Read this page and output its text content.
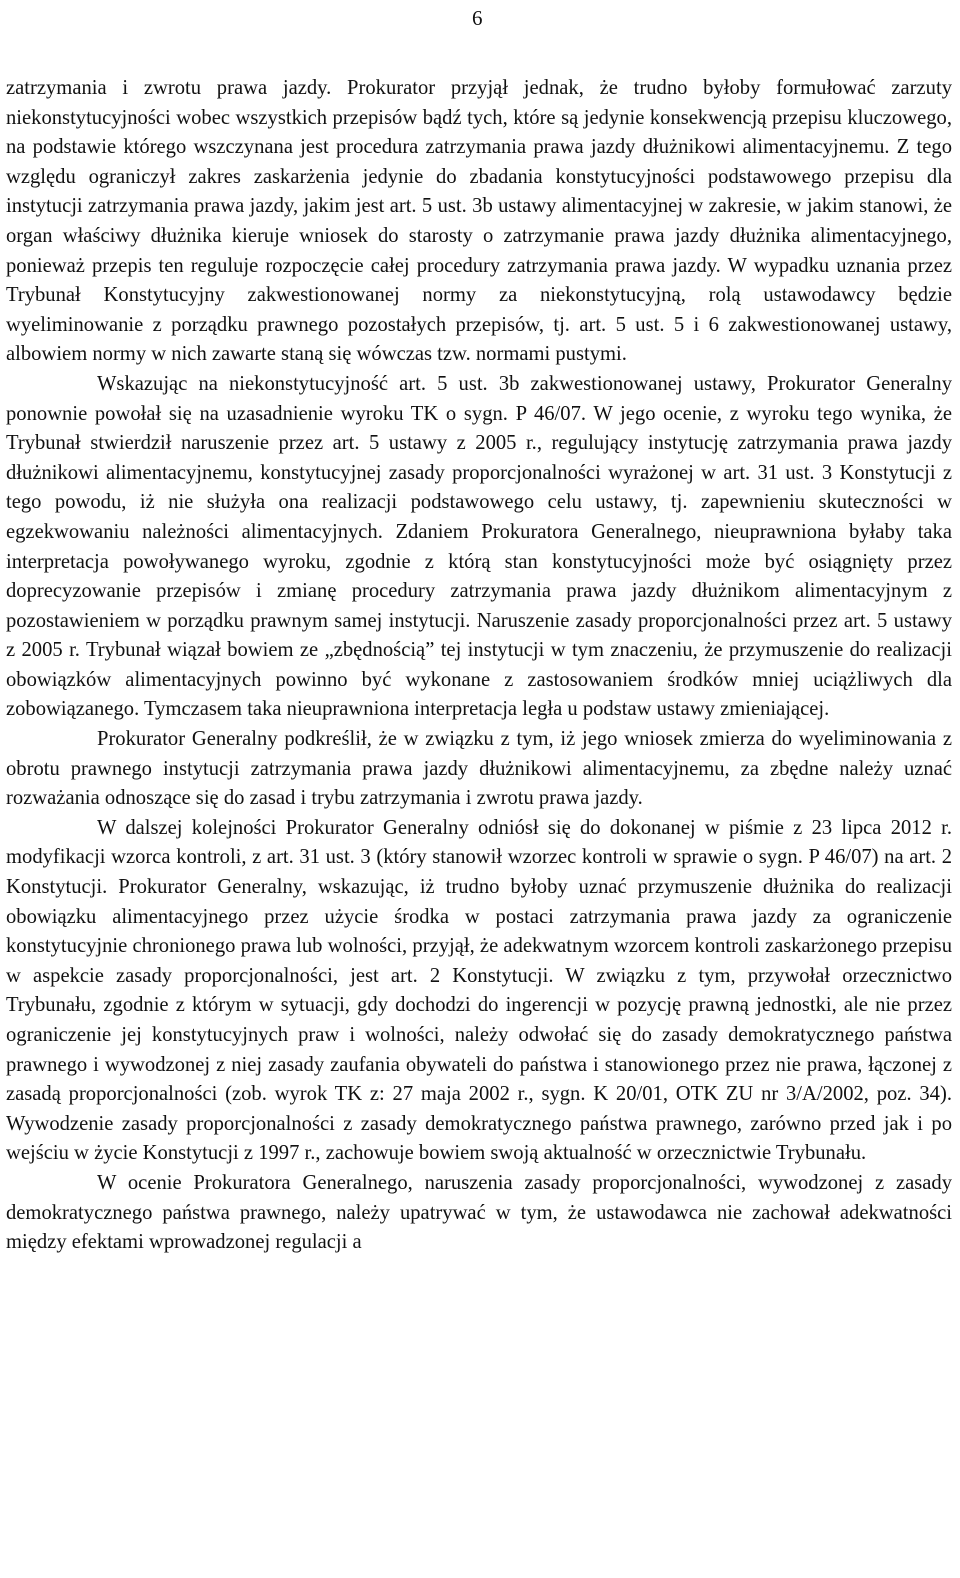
6

zatrzymania i zwrotu prawa jazdy. Prokurator przyjął jednak, że trudno byłoby formułować zarzuty niekonstytucyjności wobec wszystkich przepisów bądź tych, które są jedynie konsekwencją przepisu kluczowego, na podstawie którego wszczynana jest procedura zatrzymania prawa jazdy dłużnikowi alimentacyjnemu. Z tego względu ograniczył zakres zaskarżenia jedynie do zbadania konstytucyjności podstawowego przepisu dla instytucji zatrzymania prawa jazdy, jakim jest art. 5 ust. 3b ustawy alimentacyjnej w zakresie, w jakim stanowi, że organ właściwy dłużnika kieruje wniosek do starosty o zatrzymanie prawa jazdy dłużnika alimentacyjnego, ponieważ przepis ten reguluje rozpoczęcie całej procedury zatrzymania prawa jazdy. W wypadku uznania przez Trybunał Konstytucyjny zakwestionowanej normy za niekonstytucyjną, rolą ustawodawcy będzie wyeliminowanie z porządku prawnego pozostałych przepisów, tj. art. 5 ust. 5 i 6 zakwestionowanej ustawy, albowiem normy w nich zawarte staną się wówczas tzw. normami pustymi.

Wskazując na niekonstytucyjność art. 5 ust. 3b zakwestionowanej ustawy, Prokurator Generalny ponownie powołał się na uzasadnienie wyroku TK o sygn. P 46/07. W jego ocenie, z wyroku tego wynika, że Trybunał stwierdził naruszenie przez art. 5 ustawy z 2005 r., regulujący instytucję zatrzymania prawa jazdy dłużnikowi alimentacyjnemu, konstytucyjnej zasady proporcjonalności wyrażonej w art. 31 ust. 3 Konstytucji z tego powodu, iż nie służyła ona realizacji podstawowego celu ustawy, tj. zapewnieniu skuteczności w egzekwowaniu należności alimentacyjnych. Zdaniem Prokuratora Generalnego, nieuprawniona byłaby taka interpretacja powoływanego wyroku, zgodnie z którą stan konstytucyjności może być osiągnięty przez doprecyzowanie przepisów i zmianę procedury zatrzymania prawa jazdy dłużnikom alimentacyjnym z pozostawieniem w porządku prawnym samej instytucji. Naruszenie zasady proporcjonalności przez art. 5 ustawy z 2005 r. Trybunał wiązał bowiem ze „zbędnością” tej instytucji w tym znaczeniu, że przymuszenie do realizacji obowiązków alimentacyjnych powinno być wykonane z zastosowaniem środków mniej uciążliwych dla zobowiązanego. Tymczasem taka nieuprawniona interpretacja legła u podstaw ustawy zmieniającej.

Prokurator Generalny podkreślił, że w związku z tym, iż jego wniosek zmierza do wyeliminowania z obrotu prawnego instytucji zatrzymania prawa jazdy dłużnikowi alimentacyjnemu, za zbędne należy uznać rozważania odnoszące się do zasad i trybu zatrzymania i zwrotu prawa jazdy.

W dalszej kolejności Prokurator Generalny odniósł się do dokonanej w piśmie z 23 lipca 2012 r. modyfikacji wzorca kontroli, z art. 31 ust. 3 (który stanowił wzorzec kontroli w sprawie o sygn. P 46/07) na art. 2 Konstytucji. Prokurator Generalny, wskazując, iż trudno byłoby uznać przymuszenie dłużnika do realizacji obowiązku alimentacyjnego przez użycie środka w postaci zatrzymania prawa jazdy za ograniczenie konstytucyjnie chronionego prawa lub wolności, przyjął, że adekwatnym wzorcem kontroli zaskarżonego przepisu w aspekcie zasady proporcjonalności, jest art. 2 Konstytucji. W związku z tym, przywołał orzecznictwo Trybunału, zgodnie z którym w sytuacji, gdy dochodzi do ingerencji w pozycję prawną jednostki, ale nie przez ograniczenie jej konstytucyjnych praw i wolności, należy odwołać się do zasady demokratycznego państwa prawnego i wywodzonej z niej zasady zaufania obywateli do państwa i stanowionego przez nie prawa, łączonej z zasadą proporcjonalności (zob. wyrok TK z: 27 maja 2002 r., sygn. K 20/01, OTK ZU nr 3/A/2002, poz. 34). Wywodzenie zasady proporcjonalności z zasady demokratycznego państwa prawnego, zarówno przed jak i po wejściu w życie Konstytucji z 1997 r., zachowuje bowiem swoją aktualność w orzecznictwie Trybunału.

W ocenie Prokuratora Generalnego, naruszenia zasady proporcjonalności, wywodzonej z zasady demokratycznego państwa prawnego, należy upatrywać w tym, że ustawodawca nie zachował adekwatności między efektami wprowadzonej regulacji a
